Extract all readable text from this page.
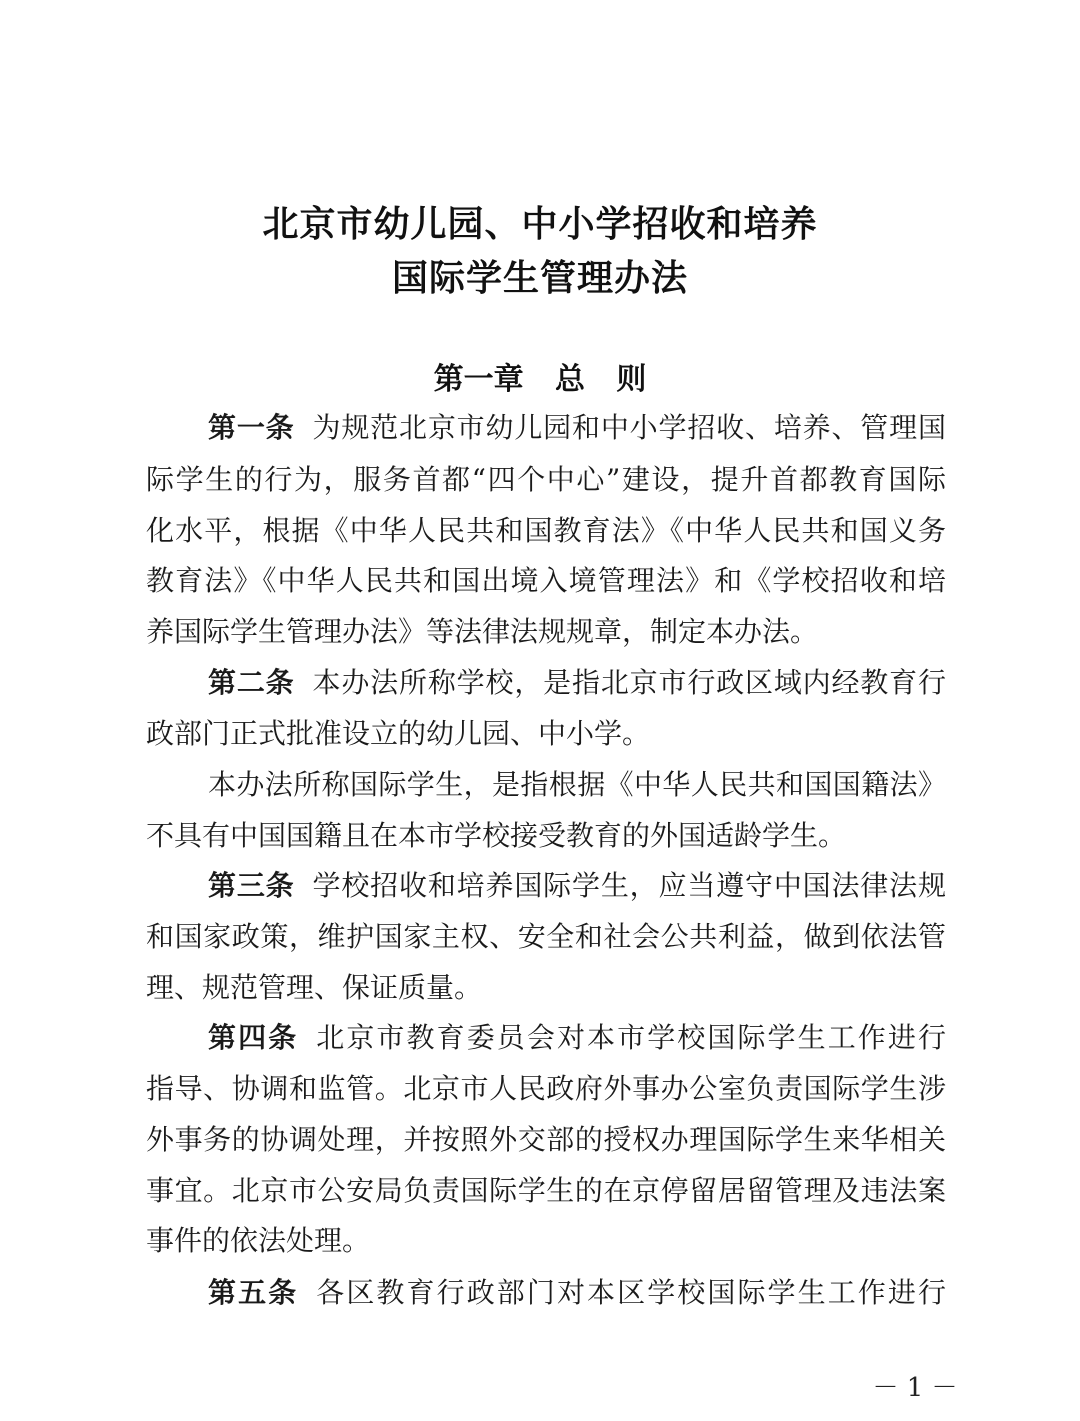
北京市幼儿园、中小学招收和培养
国际学生管理办法
第一章   总   则
第一条 为规范北京市幼儿园和中小学招收、培养、管理国
际学生的行为，服务首都“四个中心”建设，提升首都教育国际
化水平，根据《中华人民共和国教育法》《中华人民共和国义务
教育法》《中华人民共和国出境入境管理法》和《学校招收和培
养国际学生管理办法》等法律法规规章，制定本办法。
第二条 本办法所称学校，是指北京市行政区域内经教育行
政部门正式批准设立的幼儿园、中小学。
本办法所称国际学生，是指根据《中华人民共和国国籍法》
不具有中国国籍且在本市学校接受教育的外国适龄学生。
第三条 学校招收和培养国际学生，应当遵守中国法律法规
和国家政策，维护国家主权、安全和社会公共利益，做到依法管
理、规范管理、保证质量。
第四条 北京市教育委员会对本市学校国际学生工作进行
指导、协调和监管。北京市人民政府外事办公室负责国际学生涉
外事务的协调处理，并按照外交部的授权办理国际学生来华相关
事宜。北京市公安局负责国际学生的在京停留居留管理及违法案
事件的依法处理。
第五条 各区教育行政部门对本区学校国际学生工作进行
－ 1 －
